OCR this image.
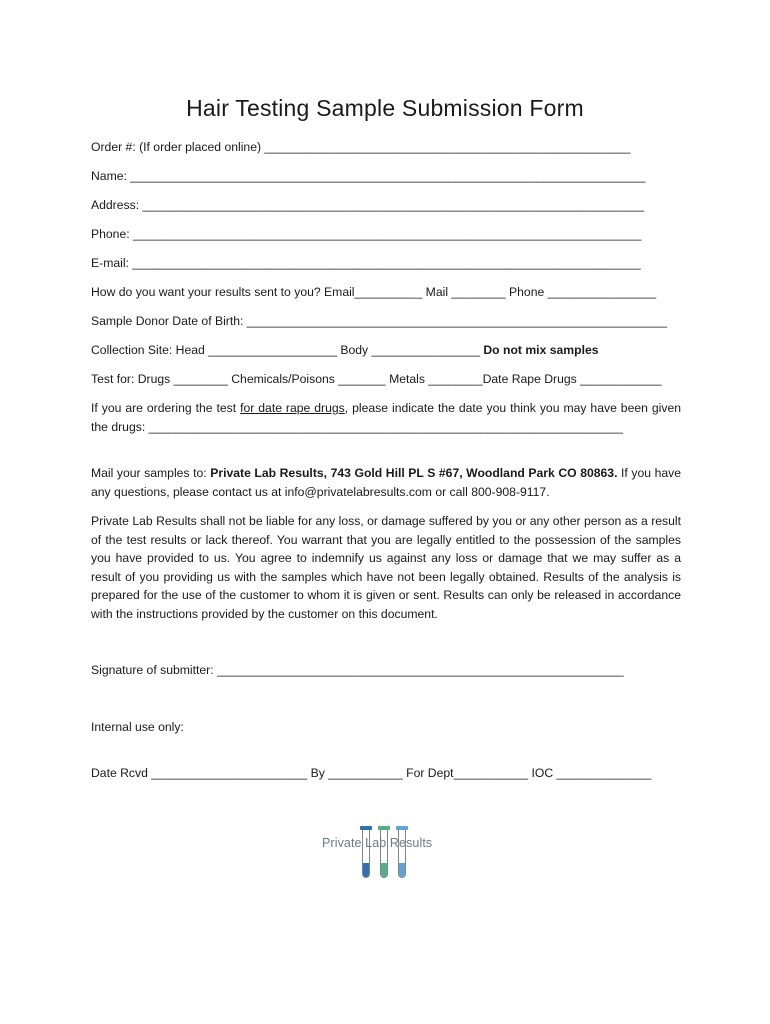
Hair Testing Sample Submission Form
Order #: (If order placed online) ______________________________________________________
Name: ____________________________________________________________________________
Address: __________________________________________________________________________
Phone: ___________________________________________________________________________
E-mail: ___________________________________________________________________________
How do you want your results sent to you? Email__________ Mail ________ Phone ________________
Sample Donor Date of Birth: ______________________________________________________________
Collection Site: Head ___________________ Body ________________ Do not mix samples
Test for: Drugs ________ Chemicals/Poisons _______ Metals ________Date Rape Drugs ____________
If you are ordering the test for date rape drugs, please indicate the date you think you may have been given the drugs: ______________________________________________________________________
Mail your samples to: Private Lab Results, 743 Gold Hill PL S #67, Woodland Park CO 80863. If you have any questions, please contact us at info@privatelabresults.com or call 800-908-9117.
Private Lab Results shall not be liable for any loss, or damage suffered by you or any other person as a result of the test results or lack thereof. You warrant that you are legally entitled to the possession of the samples you have provided to us. You agree to indemnify us against any loss or damage that we may suffer as a result of you providing us with the samples which have not been legally obtained. Results of the analysis is prepared for the use of the customer to whom it is given or sent. Results can only be released in accordance with the instructions provided by the customer on this document.
Signature of submitter: ____________________________________________________________
Internal use only:
Date Rcvd _______________________ By ___________ For Dept___________ IOC ______________
Private Lab Results
